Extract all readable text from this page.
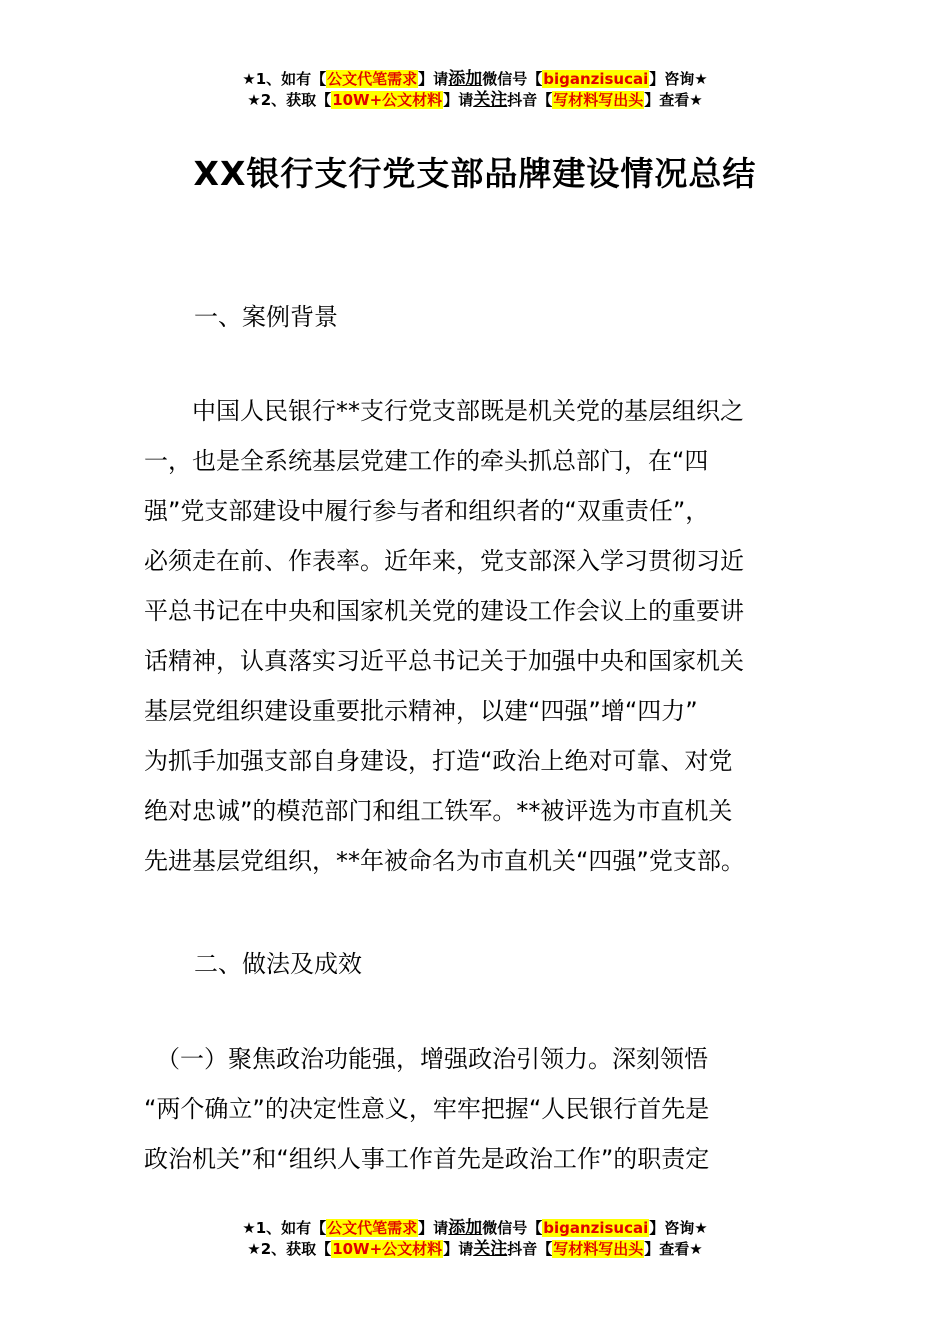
★1、如有【公文代笔需求】请添加微信号【biganzisucai】咨询★
★2、获取【10W+公文材料】请关注抖音【写材料写出头】查看★
XX银行支行党支部品牌建设情况总结
一、案例背景
　　中国人民银行**支行党支部既是机关党的基层组织之
一，也是全系统基层党建工作的牵头抓总部门，在“四
强”党支部建设中履行参与者和组织者的“双重责任”，
必须走在前、作表率。近年来，党支部深入学习贯彻习近
平总书记在中央和国家机关党的建设工作会议上的重要讲
话精神，认真落实习近平总书记关于加强中央和国家机关
基层党组织建设重要批示精神，以建“四强”增“四力”
为抓手加强支部自身建设，打造“政治上绝对可靠、对党
绝对忠诚”的模范部门和组工铁军。**被评选为市直机关
先进基层党组织，**年被命名为市直机关“四强”党支部。
二、做法及成效
　（一）聚焦政治功能强，增强政治引领力。深刻领悟
“两个确立”的决定性意义，牢牢把握“人民银行首先是
政治机关”和“组织人事工作首先是政治工作”的职责定
★1、如有【公文代笔需求】请添加微信号【biganzisucai】咨询★
★2、获取【10W+公文材料】请关注抖音【写材料写出头】查看★
